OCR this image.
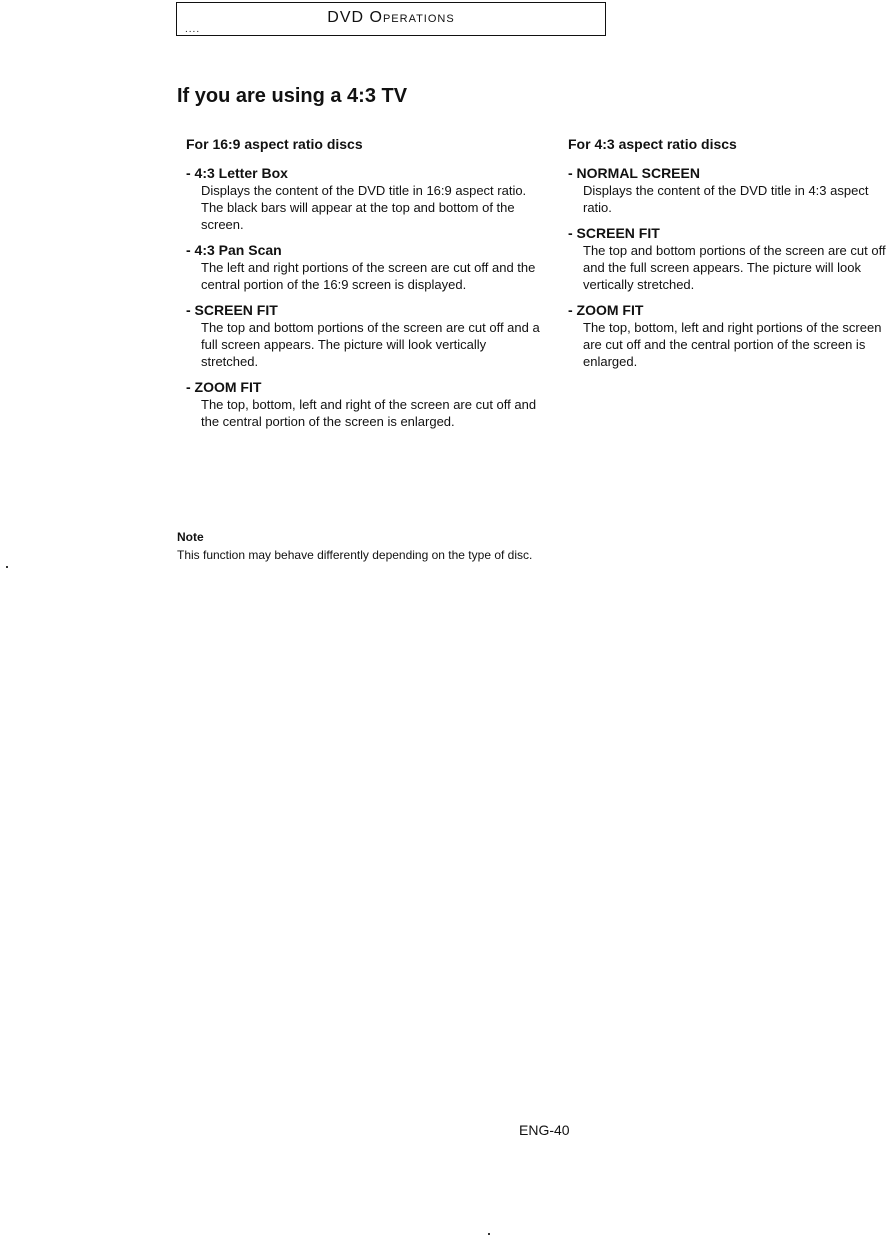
DVD Operations
....
If you are using a 4:3 TV
For 16:9 aspect ratio discs
- 4:3 Letter Box
Displays the content of the DVD title in 16:9 aspect ratio. The black bars will appear at the top and bottom of the screen.
- 4:3 Pan Scan
The left and right portions of the screen are cut off and the central portion of the 16:9 screen is displayed.
- SCREEN FIT
The top and bottom portions of the screen are cut off and a full screen appears. The picture will look vertically stretched.
- ZOOM FIT
The top, bottom, left and right of the screen are cut off and the central portion of the screen is enlarged.
For 4:3 aspect ratio discs
- NORMAL SCREEN
Displays the content of the DVD title in 4:3 aspect ratio.
- SCREEN FIT
The top and bottom portions of the screen are cut off and the full screen appears. The picture will look vertically stretched.
- ZOOM FIT
The top, bottom, left and right portions of the screen are cut off and the central portion of the screen is enlarged.
Note
This function may behave differently depending on the type of disc.
ENG-40
